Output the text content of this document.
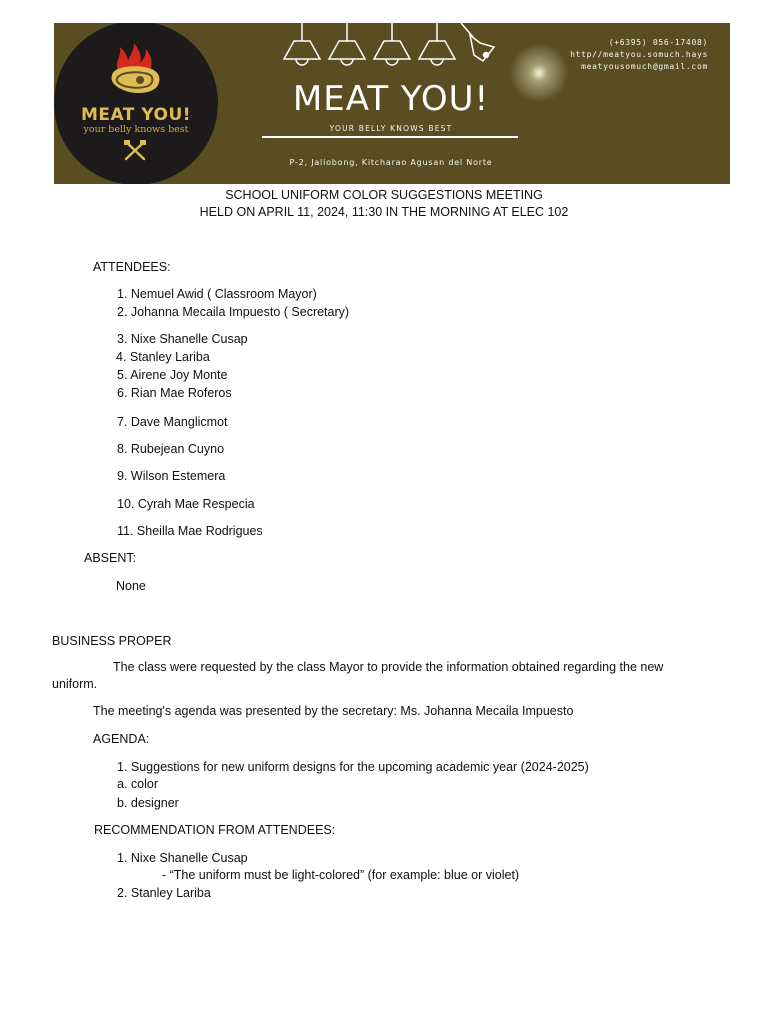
MEAT YOU!
your belly knows best
MEAT YOU!
YOUR BELLY KNOWS BEST
P-2, Jaliobong, Kitcharao Agusan del Norte
(+6395) 056-17408)
http//meatyou.somuch.hays
meatyousomuch@gmail.com
SCHOOL UNIFORM COLOR SUGGESTIONS MEETING
HELD ON APRIL 11, 2024, 11:30 IN THE MORNING AT ELEC 102
ATTENDEES:
1. Nemuel Awid ( Classroom Mayor)
2. Johanna Mecaila Impuesto ( Secretary)
3. Nixe Shanelle Cusap
4. Stanley Lariba
5. Airene Joy Monte
6. Rian Mae Roferos
7. Dave Manglicmot
8. Rubejean Cuyno
9. Wilson Estemera
10. Cyrah Mae Respecia
11. Sheilla Mae Rodrigues
ABSENT:
None
BUSINESS PROPER
The class were requested by the class Mayor to provide the information obtained regarding the new uniform.
The meeting's agenda was presented by the secretary: Ms. Johanna Mecaila Impuesto
AGENDA:
1. Suggestions for new uniform designs for the upcoming academic year (2024-2025)
a. color
b. designer
RECOMMENDATION FROM ATTENDEES:
1. Nixe Shanelle Cusap
- “The uniform must be light-colored” (for example: blue or violet)
2. Stanley Lariba
